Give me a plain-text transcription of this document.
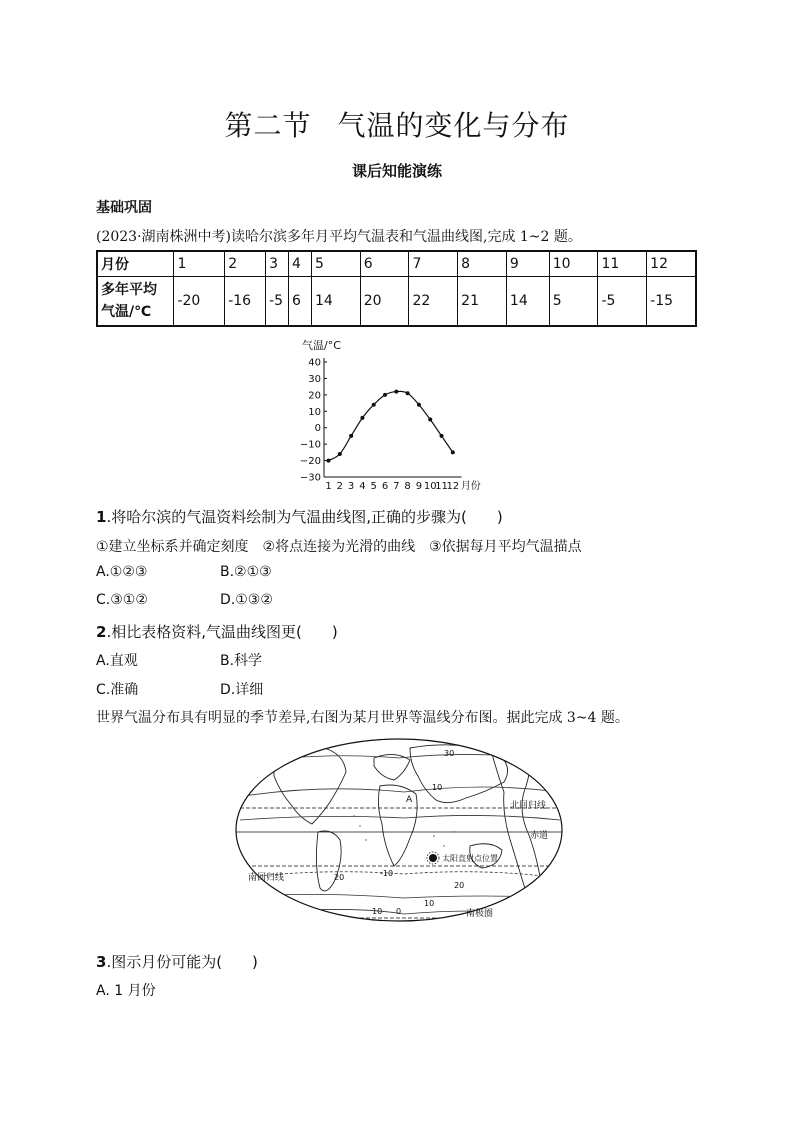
第二节 气温的变化与分布
课后知能演练
基础巩固
(2023·湖南株洲中考)读哈尔滨多年月平均气温表和气温曲线图,完成 1~2 题。
月份	1	2	3	4	5	6	7	8	9	10	11	12
多年平均
气温/℃	-20	-16	-5	6	14	20	22	21	14	5	-5	-15
气温/°C
40
30
20
10
0
−10
−20
−30
1 2 3 4 5 6 7 8 9 10
11
12 月份
1.将哈尔滨的气温资料绘制为气温曲线图,正确的步骤为(　　)
①建立坐标系并确定刻度　②将点连接为光滑的曲线　③依据每月平均气温描点
A.①②③	B.②①③
C.③①②	D.①③②
2.相比表格资料,气温曲线图更(　　)
A.直观	B.科学
C.准确	D.详细
世界气温分布具有明显的季节差异,右图为某月世界等温线分布图。据此完成 3~4 题。
30
10
A
北回归线
赤道
太阳直射点位置
南回归线	20
20
10
10 0
-10
南极圈
3.图示月份可能为(　　)
A. 1 月份
